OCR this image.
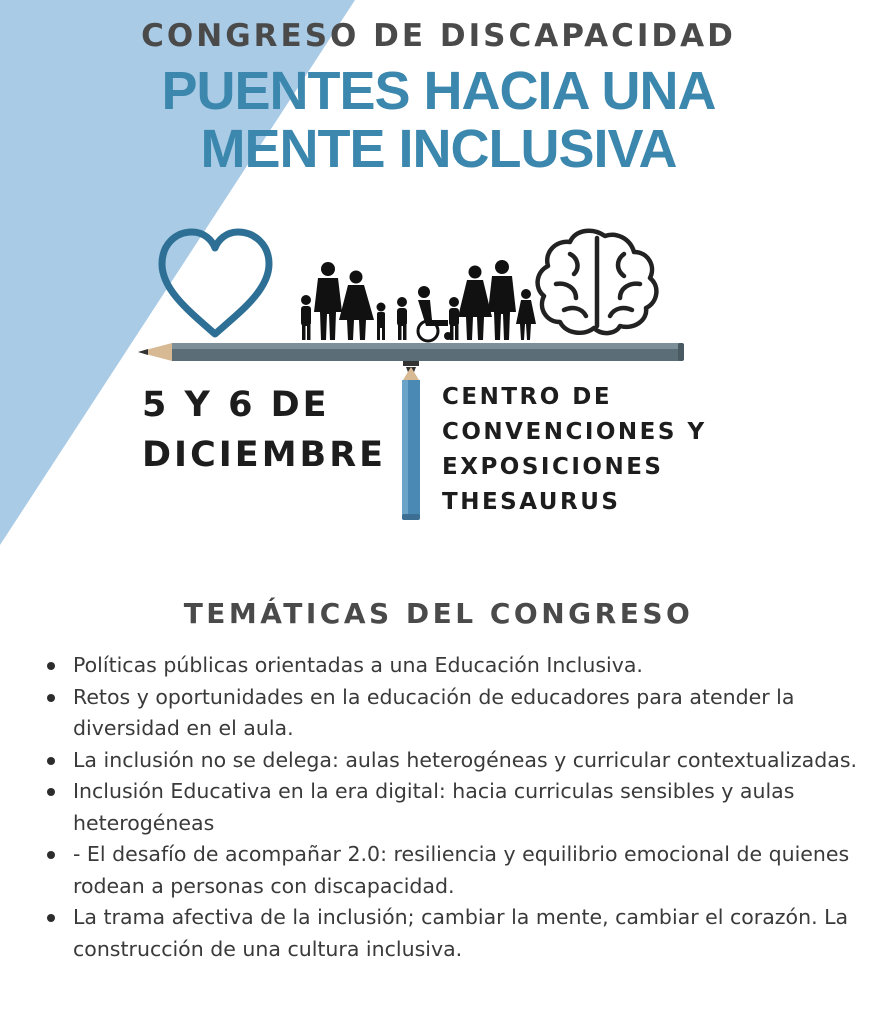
CONGRESO DE DISCAPACIDAD
PUENTES HACIA UNA
MENTE INCLUSIVA
5 Y 6 DE
DICIEMBRE
CENTRO DE
CONVENCIONES Y
EXPOSICIONES
THESAURUS
TEMÁTICAS DEL CONGRESO
Políticas públicas orientadas a una Educación Inclusiva.
Retos y oportunidades en la educación de educadores para atender la diversidad en el aula.
La inclusión no se delega: aulas heterogéneas y curricular contextualizadas.
Inclusión Educativa en la era digital: hacia curriculas sensibles y aulas heterogéneas
- El desafío de acompañar 2.0: resiliencia y equilibrio emocional de quienes rodean a personas con discapacidad.
La trama afectiva de la inclusión; cambiar la mente, cambiar el corazón. La construcción de una cultura inclusiva.
